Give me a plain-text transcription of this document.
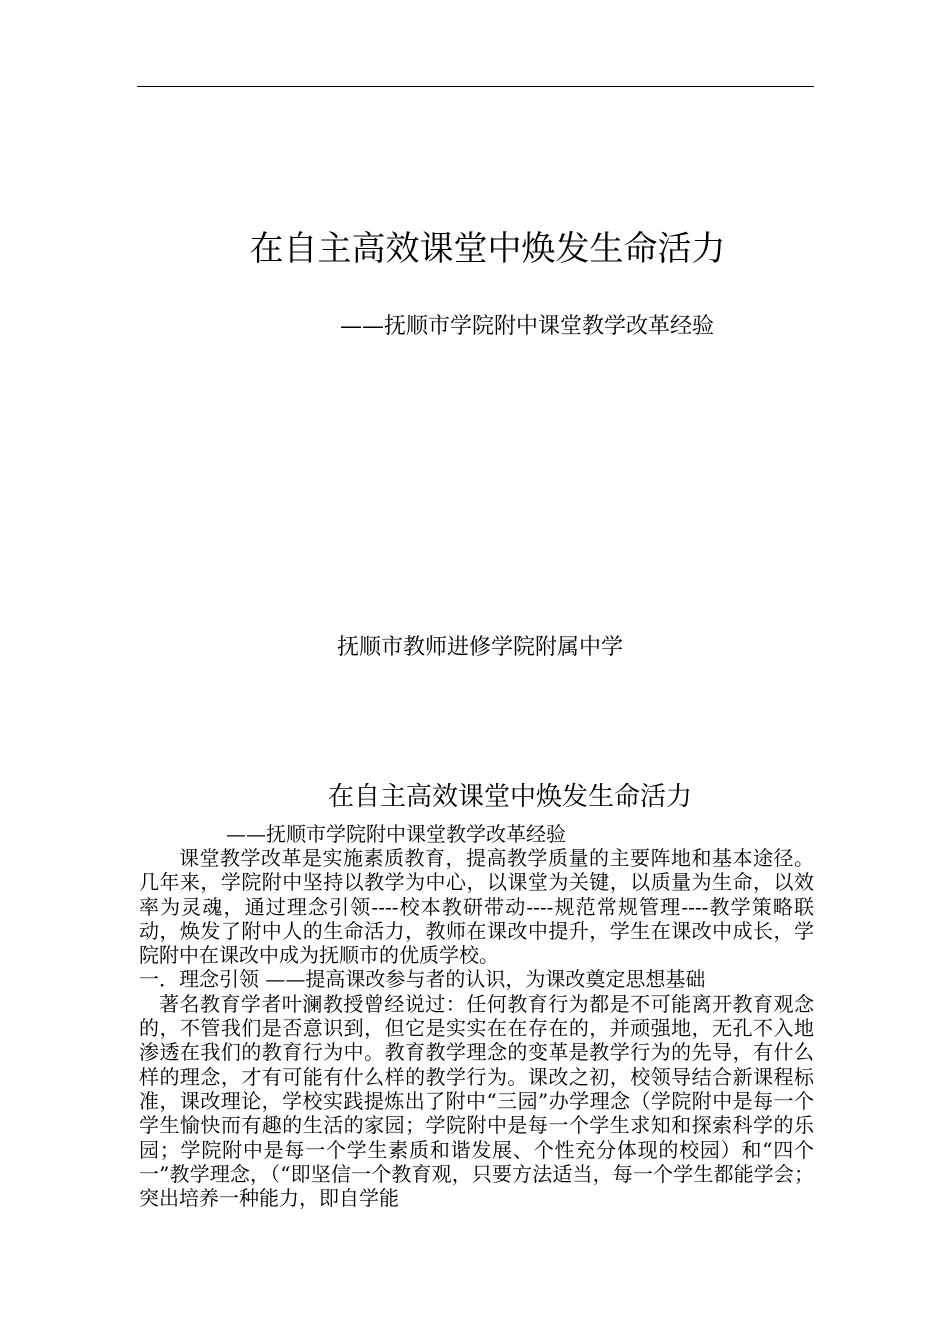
在自主高效课堂中焕发生命活力
——抚顺市学院附中课堂教学改革经验
抚顺市教师进修学院附属中学
在自主高效课堂中焕发生命活力
——抚顺市学院附中课堂教学改革经验

课堂教学改革是实施素质教育，提高教学质量的主要阵地和基本途径。几年来，学院附中坚持以教学为中心，以课堂为关键，以质量为生命，以效率为灵魂，通过理念引领----校本教研带动----规范常规管理----教学策略联动，焕发了附中人的生命活力，教师在课改中提升，学生在课改中成长，学院附中在课改中成为抚顺市的优质学校。

一．理念引领 ——提高课改参与者的认识，为课改奠定思想基础

著名教育学者叶澜教授曾经说过：任何教育行为都是不可能离开教育观念的，不管我们是否意识到，但它是实实在在存在的，并顽强地，无孔不入地渗透在我们的教育行为中。教育教学理念的变革是教学行为的先导，有什么样的理念，才有可能有什么样的教学行为。课改之初，校领导结合新课程标准，课改理论，学校实践提炼出了附中“三园”办学理念（学院附中是每一个学生愉快而有趣的生活的家园；学院附中是每一个学生求知和探索科学的乐园；学院附中是每一个学生素质和谐发展、个性充分体现的校园）和“四个一”教学理念，（“即坚信一个教育观，只要方法适当，每一个学生都能学会；突出培养一种能力，即自学能
